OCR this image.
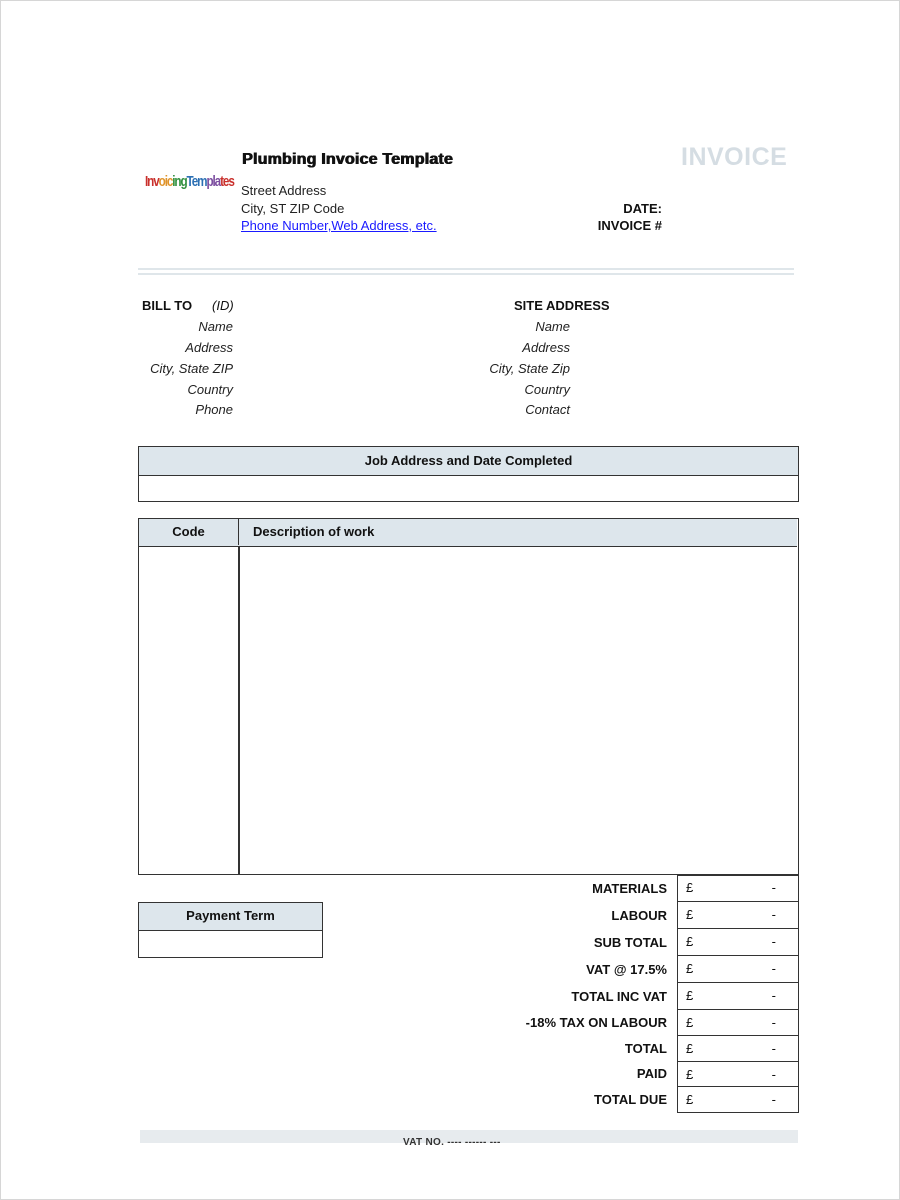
InvoicingTemplates
Plumbing Invoice Template
Street Address
City, ST ZIP Code
Phone Number,Web Address, etc.
INVOICE
DATE:
INVOICE #
BILL TO (ID)
Name
Address
City, State ZIP
Country
Phone
SITE ADDRESS
Name
Address
City, State Zip
Country
Contact
Job Address and Date Completed
Code	Description of work
Payment Term
MATERIALS £	-
LABOUR £	-
SUB TOTAL £	-
VAT @ 17.5% £	-
TOTAL INC VAT £	-
-18% TAX ON LABOUR £	-
TOTAL £	-
PAID £	-
TOTAL DUE £	-
VAT NO. ---- ------ ---
